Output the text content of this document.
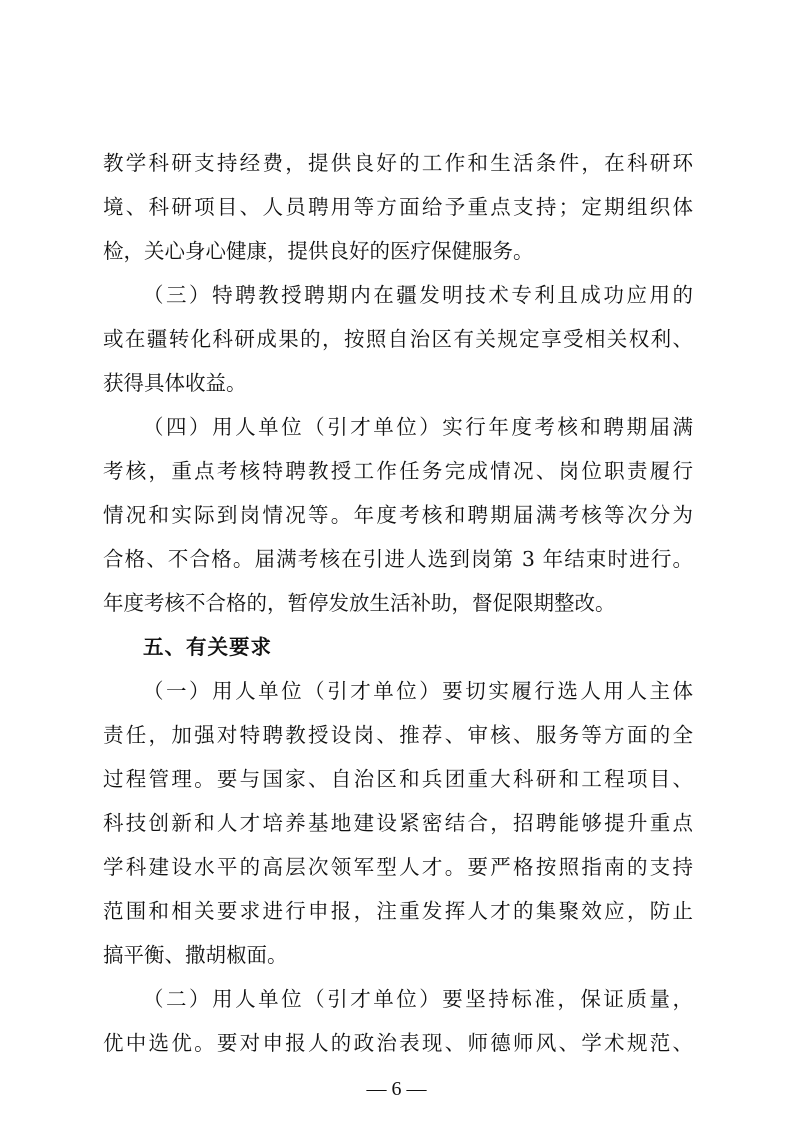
教学科研支持经费，提供良好的工作和生活条件，在科研环
境、科研项目、人员聘用等方面给予重点支持；定期组织体
检，关心身心健康，提供良好的医疗保健服务。
（三）特聘教授聘期内在疆发明技术专利且成功应用的
或在疆转化科研成果的，按照自治区有关规定享受相关权利、
获得具体收益。
（四）用人单位（引才单位）实行年度考核和聘期届满
考核，重点考核特聘教授工作任务完成情况、岗位职责履行
情况和实际到岗情况等。年度考核和聘期届满考核等次分为
合格、不合格。届满考核在引进人选到岗第 3 年结束时进行。
年度考核不合格的，暂停发放生活补助，督促限期整改。
五、有关要求
（一）用人单位（引才单位）要切实履行选人用人主体
责任，加强对特聘教授设岗、推荐、审核、服务等方面的全
过程管理。要与国家、自治区和兵团重大科研和工程项目、
科技创新和人才培养基地建设紧密结合，招聘能够提升重点
学科建设水平的高层次领军型人才。要严格按照指南的支持
范围和相关要求进行申报，注重发挥人才的集聚效应，防止
搞平衡、撒胡椒面。
（二）用人单位（引才单位）要坚持标准，保证质量，
优中选优。要对申报人的政治表现、师德师风、学术规范、
— 6 —
